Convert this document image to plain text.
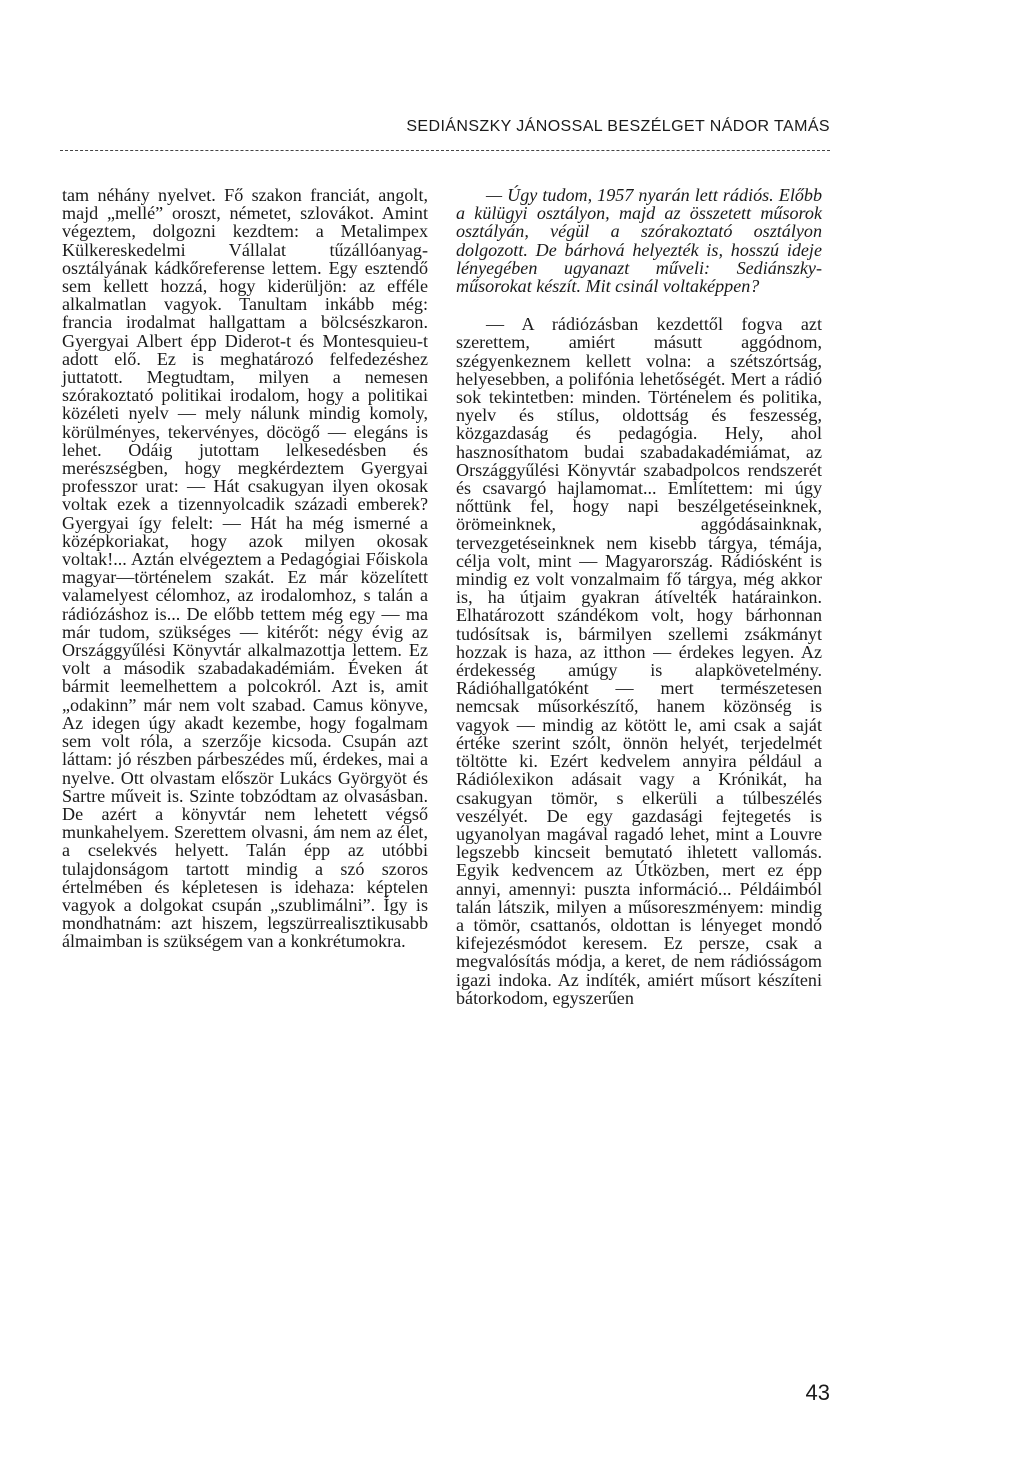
SEDIÁNSZKY JÁNOSSAL BESZÉLGET NÁDOR TAMÁS

tam néhány nyelvet. Fő szakon franciát, angolt, majd „mellé” oroszt, németet, szlovákot. Amint végeztem, dolgozni kezdtem: a Metalimpex Külkereskedelmi Vállalat tűzállóanyag-osztályának kádkőreferense lettem. Egy esztendő sem kellett hozzá, hogy kiderüljön: az efféle alkalmatlan vagyok. Tanultam inkább még: francia irodalmat hallgattam a bölcsészkaron. Gyergyai Albert épp Diderot-t és Montesquieu-t adott elő. Ez is meghatározó felfedezéshez juttatott. Megtudtam, milyen a nemesen szórakoztató politikai irodalom, hogy a politikai közéleti nyelv — mely nálunk mindig komoly, körülményes, tekervényes, döcögő — elegáns is lehet. Odáig jutottam lelkesedésben és merészségben, hogy megkérdeztem Gyergyai professzor urat: — Hát csakugyan ilyen okosak voltak ezek a tizennyolcadik századi emberek? Gyergyai így felelt: — Hát ha még ismerné a középkoriakat, hogy azok milyen okosak voltak!... Aztán elvégeztem a Pedagógiai Főiskola magyar—történelem szakát. Ez már közelített valamelyest célomhoz, az irodalomhoz, s talán a rádiózáshoz is... De előbb tettem még egy — ma már tudom, szükséges — kitérőt: négy évig az Országgyűlési Könyvtár alkalmazottja lettem. Ez volt a második szabadakadémiám. Éveken át bármit leemelhettem a polcokról. Azt is, amit „odakinn” már nem volt szabad. Camus könyve, Az idegen úgy akadt kezembe, hogy fogalmam sem volt róla, a szerzője kicsoda. Csupán azt láttam: jó részben párbeszédes mű, érdekes, mai a nyelve. Ott olvastam először Lukács Györgyöt és Sartre műveit is. Szinte tobzódtam az olvasásban. De azért a könyvtár nem lehetett végső munkahelyem. Szerettem olvasni, ám nem az élet, a cselekvés helyett. Talán épp az utóbbi tulajdonságom tartott mindig a szó szoros értelmében és képletesen is idehaza: képtelen vagyok a dolgokat csupán „szublimálni”. Így is mondhatnám: azt hiszem, legszürrealisztikusabb álmaimban is szükségem van a konkrétumokra.

— Úgy tudom, 1957 nyarán lett rádiós. Előbb a külügyi osztályon, majd az összetett műsorok osztályán, végül a szórakoztató osztályon dolgozott. De bárhová helyezték is, hosszú ideje lényegében ugyanazt műveli: Sediánszky-műsorokat készít. Mit csinál voltaképpen?

— A rádiózásban kezdettől fogva azt szerettem, amiért másutt aggódnom, szégyenkeznem kellett volna: a szétszórtság, helyesebben, a polifónia lehetőségét. Mert a rádió sok tekintetben: minden. Történelem és politika, nyelv és stílus, oldottság és feszesség, közgazdaság és pedagógia. Hely, ahol hasznosíthatom budai szabadakadémiámat, az Országgyűlési Könyvtár szabadpolcos rendszerét és csavargó hajlamomat... Említettem: mi úgy nőttünk fel, hogy napi beszélgetéseinknek, örömeinknek, aggódásainknak, tervezgetéseinknek nem kisebb tárgya, témája, célja volt, mint — Magyarország. Rádiósként is mindig ez volt vonzalmaim fő tárgya, még akkor is, ha útjaim gyakran átívelték határainkon. Elhatározott szándékom volt, hogy bárhonnan tudósítsak is, bármilyen szellemi zsákmányt hozzak is haza, az itthon — érdekes legyen. Az érdekesség amúgy is alapkövetelmény. Rádióhallgatóként — mert természetesen nemcsak műsorkészítő, hanem közönség is vagyok — mindig az kötött le, ami csak a saját értéke szerint szólt, önnön helyét, terjedelmét töltötte ki. Ezért kedvelem annyira például a Rádiólexikon adásait vagy a Krónikát, ha csakugyan tömör, s elkerüli a túlbeszélés veszélyét. De egy gazdasági fejtegetés is ugyanolyan magával ragadó lehet, mint a Louvre legszebb kincseit bemutató ihletett vallomás. Egyik kedvencem az Útközben, mert ez épp annyi, amennyi: puszta információ... Példáimból talán látszik, milyen a műsoreszményem: mindig a tömör, csattanós, oldottan is lényeget mondó kifejezésmódot keresem. Ez persze, csak a megvalósítás módja, a keret, de nem rádiósságom igazi indoka. Az indíték, amiért műsort készíteni bátorkodom, egyszerűen

43
